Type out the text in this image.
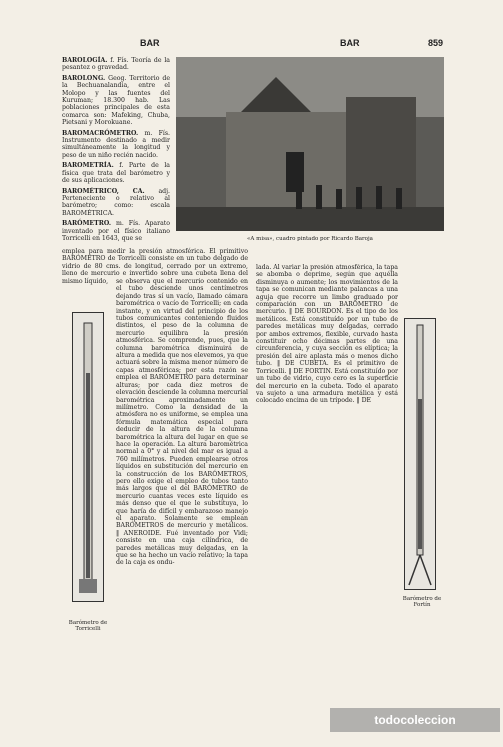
BAR	BAR	859
BAROLOGÍA. f. Fís. Teoría de la pesantez o gravedad.
BAROLONG. Geog. Territorio de la Bechuanalandia, entre el Molopo y las fuentes del Kuruman; 18.300 hab. Las poblaciones principales de esta comarca son: Mafeking, Chuba, Pietsani y Morokuane.
BAROMACRÓMETRO. m. Fís. Instrumento destinado a medir simultáneamente la longitud y peso de un niño recién nacido.
BAROMETRÍA. f. Parte de la física que trata del barómetro y de sus aplicaciones.
BAROMÉTRICO, CA. adj. Perteneciente o relativo al barómetro; como: escala BAROMÉTRICA.
BARÓMETRO. m. Fís. Aparato inventado por el físico italiano Torricelli en 1643, que se	«A misa», cuadro pintado por Ricardo Baroja
emplea para medir la presión atmosférica. El primitivo BARÓMETRO de Torricelli consiste en un tubo delgado de vidrio de 80 cms. de longitud, cerrado por un extremo, lleno de mercurio e invertido sobre una cubeta llena del mismo líquido,
Barómetro de Torricelli
se observa que el mercurio contenido en el tubo desciende unos centímetros dejando tras sí un vacío, llamado cámara barométrica o vacío de Torricelli; en cada instante, y en virtud del principio de los tubos comunicantes conteniendo fluidos distintos, el peso de la columna de mercurio equilibra la presión atmosférica. Se comprende, pues, que la columna barométrica disminuirá de altura a medida que nos elevemos, ya que actuará sobre la misma menor número de capas atmosféricas; por esta razón se emplea el BARÓMETRO para determinar alturas; por cada diez metros de elevación desciende la columna mercurial barométrica aproximadamente un milímetro. Como la densidad de la atmósfera no es uniforme, se emplea una fórmula matemática especial para deducir de la altura de la columna barométrica la altura del lugar en que se hace la operación. La altura barométrica normal a 0° y al nivel del mar es igual a 760 milímetros. Pueden emplearse otros líquidos en substitución del mercurio en la construcción de los BARÓMETROS, pero ello exige el empleo de tubos tanto más largos que el del BARÓMETRO de mercurio cuantas veces este líquido es más denso que el que le substituya, lo que haría de difícil y embarazoso manejo el aparato. Solamente se emplean BARÓMETROS de mercurio y metálicos. ‖ ANEROIDE. Fué inventado por Vidi; consiste en una caja cilíndrica, de paredes metálicas muy delgadas, en la que se ha hecho un vacío relativo; la tapa de la caja es ondu-
lada. Al variar la presión atmosférica, la tapa se abomba o deprime, según que aquélla disminuya o aumente; los movimientos de la tapa se comunican mediante palancas a una aguja que recorre un limbo graduado por comparación con un BARÓMETRO de mercurio. ‖ DE BOURDON. Es el tipo de los metálicos. Está constituído por un tubo de paredes metálicas muy delgadas, cerrado por ambos extremos, flexible, curvado hasta constituir ocho décimas partes de una circunferencia, y cuya sección es elíptica; la presión del aire aplasta más o menos dicho tubo. ‖ DE CUBETA. Es el primitivo de Torricelli. ‖ DE FORTIN. Está constituído por un tubo de vidrio, cuyo cero es la superficie del mercurio en la cubeta. Todo el aparato va sujeto a una armadura metálica y está colocado encima de un trípode. ‖ DE
Barómetro de Fortín
todocoleccion
